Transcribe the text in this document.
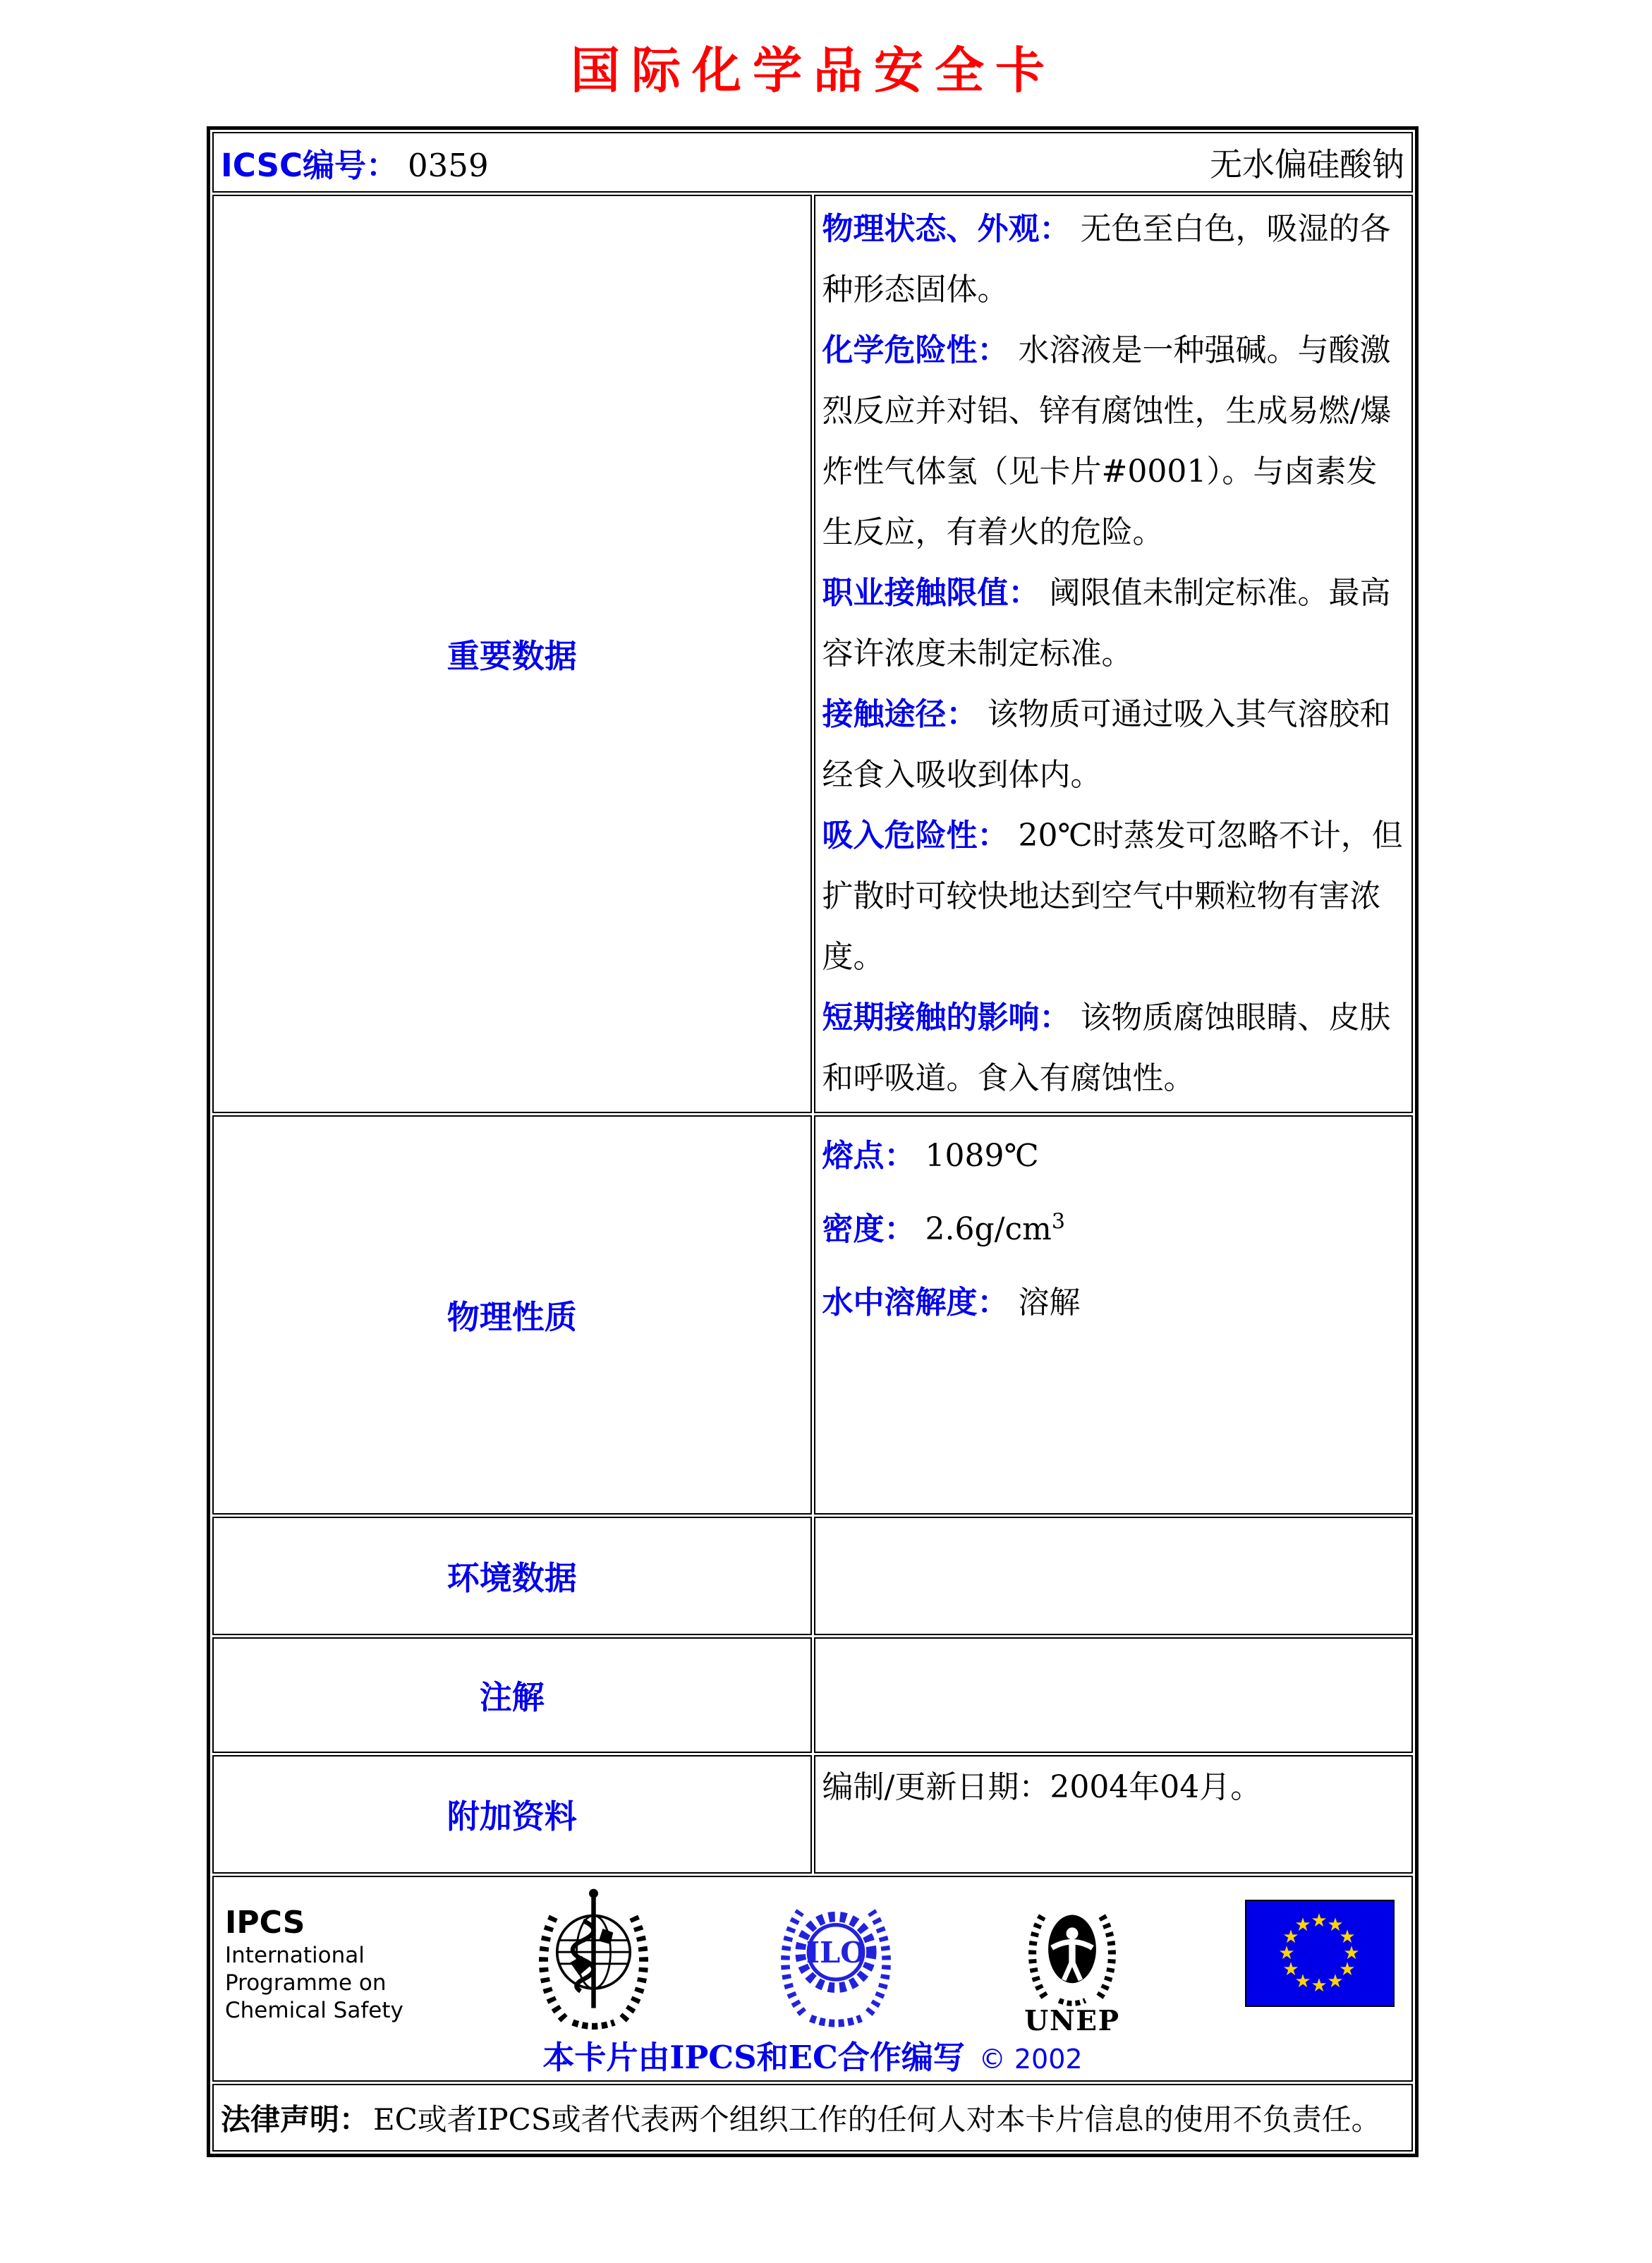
国际化学品安全卡
ICSC编号： 0359 无水偏硅酸钠	

重要数据	
物理状态、外观： 无色至白色，吸湿的各种形态固体。
化学危险性： 水溶液是一种强碱。与酸激烈反应并对铝、锌有腐蚀性，生成易燃/爆炸性气体氢（见卡片#0001）。与卤素发生反应，有着火的危险。
职业接触限值： 阈限值未制定标准。最高容许浓度未制定标准。
接触途径： 该物质可通过吸入其气溶胶和经食入吸收到体内。
吸入危险性： 20℃时蒸发可忽略不计，但扩散时可较快地达到空气中颗粒物有害浓度。
短期接触的影响： 该物质腐蚀眼睛、皮肤和呼吸道。食入有腐蚀性。

物理性质	熔点： 1089℃
密度： $2.6g/cm^3$
水中溶解度： 溶解

环境数据	
注解	
附加资料	编制/更新日期：2004年04月。

IPCS
International
Programme on
Chemical Safety
ILO
UNEP
★
★
★
★
★
★
★
★
★ ★ ★
★
本卡片由IPCS和EC合作编写 © 2002

法律声明： EC或者IPCS或者代表两个组织工作的任何人对本卡片信息的使用不负责任。	
